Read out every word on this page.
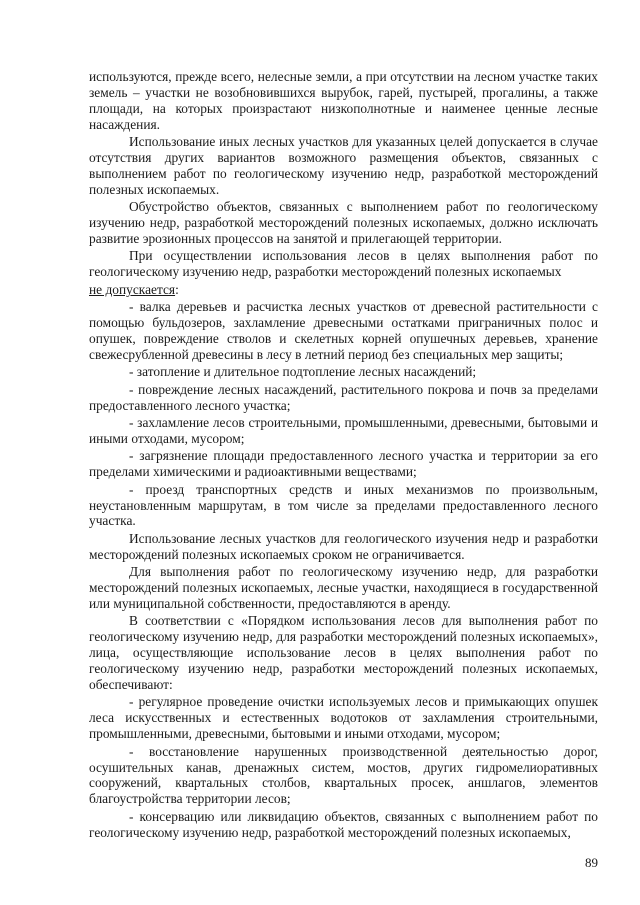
используются, прежде всего, нелесные земли, а при отсутствии на лесном участке таких земель – участки не возобновившихся вырубок, гарей, пустырей, прогалины, а также площади, на которых произрастают низкополнотные и наименее ценные лесные насаждения.

Использование иных лесных участков для указанных целей допускается в случае отсутствия других вариантов возможного размещения объектов, связанных с выполнением работ по геологическому изучению недр, разработкой месторождений полезных ископаемых.

Обустройство объектов, связанных с выполнением работ по геологическому изучению недр, разработкой месторождений полезных ископаемых, должно исключать развитие эрозионных процессов на занятой и прилегающей территории.

При осуществлении использования лесов в целях выполнения работ по геологическому изучению недр, разработки месторождений полезных ископаемых

не допускается:

- валка деревьев и расчистка лесных участков от древесной растительности с помощью бульдозеров, захламление древесными остатками приграничных полос и опушек, повреждение стволов и скелетных корней опушечных деревьев, хранение свежесрубленной древесины в лесу в летний период без специальных мер защиты;

- затопление и длительное подтопление лесных насаждений;

- повреждение лесных насаждений, растительного покрова и почв за пределами предоставленного лесного участка;

- захламление лесов строительными, промышленными, древесными, бытовыми и иными отходами, мусором;

- загрязнение площади предоставленного лесного участка и территории за его пределами химическими и радиоактивными веществами;

- проезд транспортных средств и иных механизмов по произвольным, неустановленным маршрутам, в том числе за пределами предоставленного лесного участка.

Использование лесных участков для геологического изучения недр и разработки месторождений полезных ископаемых сроком не ограничивается.

Для выполнения работ по геологическому изучению недр, для разработки месторождений полезных ископаемых, лесные участки, находящиеся в государственной или муниципальной собственности, предоставляются в аренду.

В соответствии с «Порядком использования лесов для выполнения работ по геологическому изучению недр, для разработки месторождений полезных ископаемых», лица, осуществляющие использование лесов в целях выполнения работ по геологическому изучению недр, разработки месторождений полезных ископаемых, обеспечивают:

- регулярное проведение очистки используемых лесов и примыкающих опушек леса искусственных и естественных водотоков от захламления строительными, промышленными, древесными, бытовыми и иными отходами, мусором;

- восстановление нарушенных производственной деятельностью дорог, осушительных канав, дренажных систем, мостов, других гидромелиоративных сооружений, квартальных столбов, квартальных просек, аншлагов, элементов благоустройства территории лесов;

- консервацию или ликвидацию объектов, связанных с выполнением работ по геологическому изучению недр, разработкой месторождений полезных ископаемых,

89
